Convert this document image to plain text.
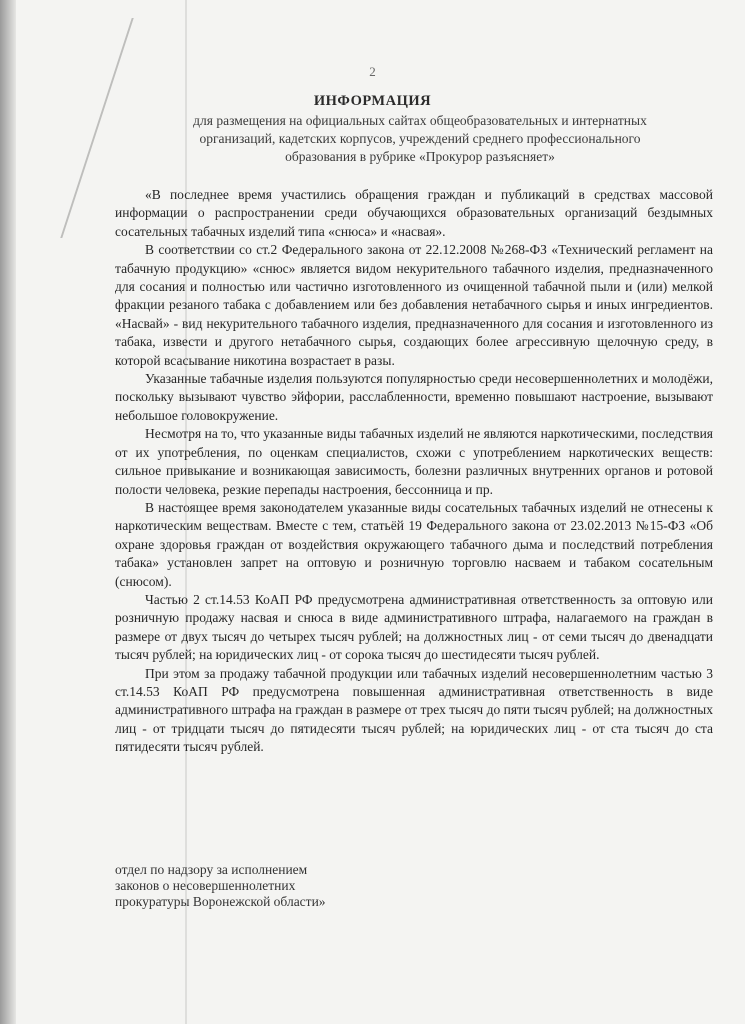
2
ИНФОРМАЦИЯ
для размещения на официальных сайтах общеобразовательных и интернатных
организаций, кадетских корпусов, учреждений среднего профессионального
образования в рубрике «Прокурор разъясняет»

«В последнее время участились обращения граждан и публикаций в средствах массовой информации о распространении среди обучающихся образовательных организаций бездымных сосательных табачных изделий типа «снюса» и «насвая».

В соответствии со ст.2 Федерального закона от 22.12.2008 №268-ФЗ «Технический регламент на табачную продукцию» «снюс» является видом некурительного табачного изделия, предназначенного для сосания и полностью или частично изготовленного из очищенной табачной пыли и (или) мелкой фракции резаного табака с добавлением или без добавления нетабачного сырья и иных ингредиентов. «Насвай» - вид некурительного табачного изделия, предназначенного для сосания и изготовленного из табака, извести и другого нетабачного сырья, создающих более агрессивную щелочную среду, в которой всасывание никотина возрастает в разы.

Указанные табачные изделия пользуются популярностью среди несовершеннолетних и молодёжи, поскольку вызывают чувство эйфории, расслабленности, временно повышают настроение, вызывают небольшое головокружение.

Несмотря на то, что указанные виды табачных изделий не являются наркотическими, последствия от их употребления, по оценкам специалистов, схожи с употреблением наркотических веществ: сильное привыкание и возникающая зависимость, болезни различных внутренних органов и ротовой полости человека, резкие перепады настроения, бессонница и пр.

В настоящее время законодателем указанные виды сосательных табачных изделий не отнесены к наркотическим веществам. Вместе с тем, статьёй 19 Федерального закона от 23.02.2013 №15-ФЗ «Об охране здоровья граждан от воздействия окружающего табачного дыма и последствий потребления табака» установлен запрет на оптовую и розничную торговлю насваем и табаком сосательным (снюсом).

Частью 2 ст.14.53 КоАП РФ предусмотрена административная ответственность за оптовую или розничную продажу насвая и снюса в виде административного штрафа, налагаемого на граждан в размере от двух тысяч до четырех тысяч рублей; на должностных лиц - от семи тысяч до двенадцати тысяч рублей; на юридических лиц - от сорока тысяч до шестидесяти тысяч рублей.

При этом за продажу табачной продукции или табачных изделий несовершеннолетним частью 3 ст.14.53 КоАП РФ предусмотрена повышенная административная ответственность в виде административного штрафа на граждан в размере от трех тысяч до пяти тысяч рублей; на должностных лиц - от тридцати тысяч до пятидесяти тысяч рублей; на юридических лиц - от ста тысяч до ста пятидесяти тысяч рублей.

отдел по надзору за исполнением
законов о несовершеннолетних
прокуратуры Воронежской области»
